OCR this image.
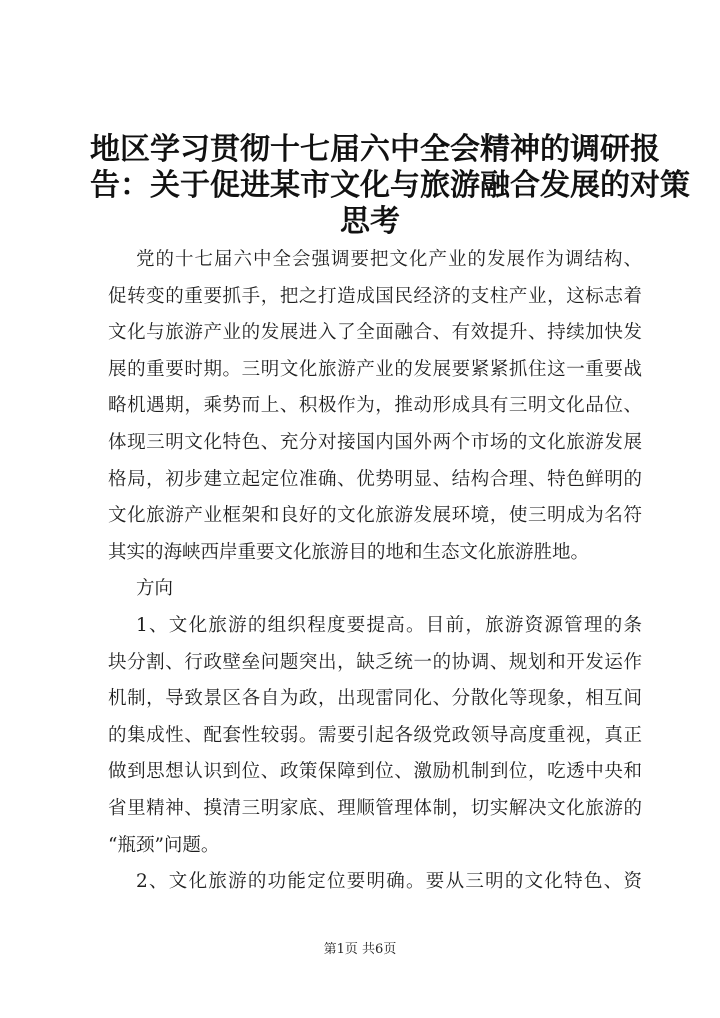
地区学习贯彻十七届六中全会精神的调研报
告：关于促进某市文化与旅游融合发展的对策
思考
党的十七届六中全会强调要把文化产业的发展作为调结构、
促转变的重要抓手，把之打造成国民经济的支柱产业，这标志着
文化与旅游产业的发展进入了全面融合、有效提升、持续加快发
展的重要时期。三明文化旅游产业的发展要紧紧抓住这一重要战
略机遇期，乘势而上、积极作为，推动形成具有三明文化品位、
体现三明文化特色、充分对接国内国外两个市场的文化旅游发展
格局，初步建立起定位准确、优势明显、结构合理、特色鲜明的
文化旅游产业框架和良好的文化旅游发展环境，使三明成为名符
其实的海峡西岸重要文化旅游目的地和生态文化旅游胜地。
方向
1、文化旅游的组织程度要提高。目前，旅游资源管理的条
块分割、行政壁垒问题突出，缺乏统一的协调、规划和开发运作
机制，导致景区各自为政，出现雷同化、分散化等现象，相互间
的集成性、配套性较弱。需要引起各级党政领导高度重视，真正
做到思想认识到位、政策保障到位、激励机制到位，吃透中央和
省里精神、摸清三明家底、理顺管理体制，切实解决文化旅游的
“瓶颈”问题。
2、文化旅游的功能定位要明确。要从三明的文化特色、资
第1页 共6页
